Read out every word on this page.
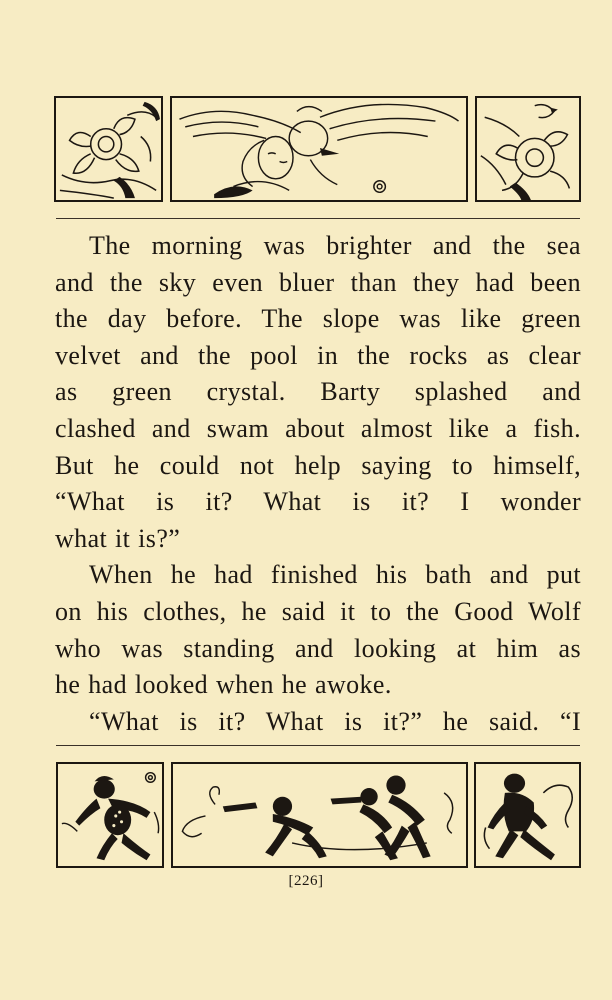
The morning was brighter and the sea
and the sky even bluer than they had been
the day before. The slope was like green
velvet and the pool in the rocks as clear
as green crystal. Barty splashed and
clashed and swam about almost like a fish.
But he could not help saying to himself,
“What is it? What is it? I wonder
what it is?”
When he had finished his bath and put
on his clothes, he said it to the Good Wolf
who was standing and looking at him as
he had looked when he awoke.
“What is it? What is it?” he said. “I
[226]
